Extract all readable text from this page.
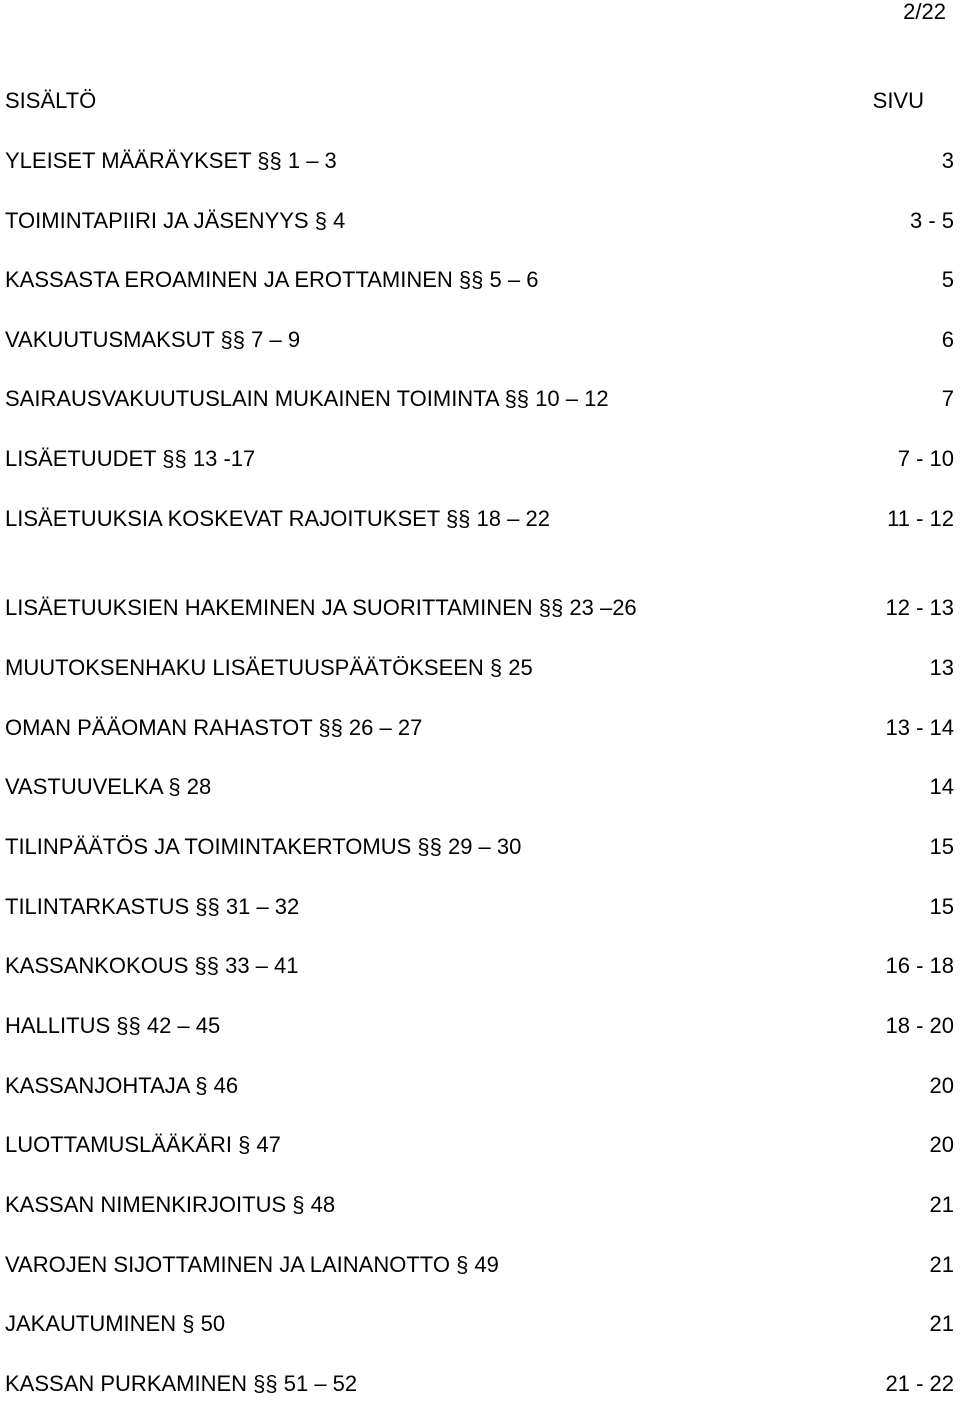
2/22
SISÄLTÖ	SIVU
YLEISET MÄÄRÄYKSET §§ 1 – 3	3
TOIMINTAPIIRI JA JÄSENYYS § 4	3 - 5
KASSASTA EROAMINEN JA EROTTAMINEN §§ 5 – 6	5
VAKUUTUSMAKSUT §§ 7 – 9	6
SAIRAUSVAKUUTUSLAIN MUKAINEN TOIMINTA §§ 10 – 12	7
LISÄETUUDET §§ 13 -17	7 - 10
LISÄETUUKSIA KOSKEVAT RAJOITUKSET §§ 18 – 22	11 - 12
LISÄETUUKSIEN HAKEMINEN JA SUORITTAMINEN §§ 23 –26	12 - 13
MUUTOKSENHAKU LISÄETUUSPÄÄTÖKSEEN § 25	13
OMAN PÄÄOMAN RAHASTOT §§ 26 – 27	13 - 14
VASTUUVELKA § 28	14
TILINPÄÄTÖS JA TOIMINTAKERTOMUS §§ 29 – 30	15
TILINTARKASTUS §§ 31 – 32	15
KASSANKOKOUS §§ 33 – 41	16 - 18
HALLITUS §§ 42 – 45	18 - 20
KASSANJOHTAJA § 46	20
LUOTTAMUSLÄÄKÄRI § 47	20
KASSAN NIMENKIRJOITUS § 48	21
VAROJEN SIJOTTAMINEN JA LAINANOTTO § 49	21
JAKAUTUMINEN § 50	21
KASSAN PURKAMINEN §§ 51 – 52	21 - 22
